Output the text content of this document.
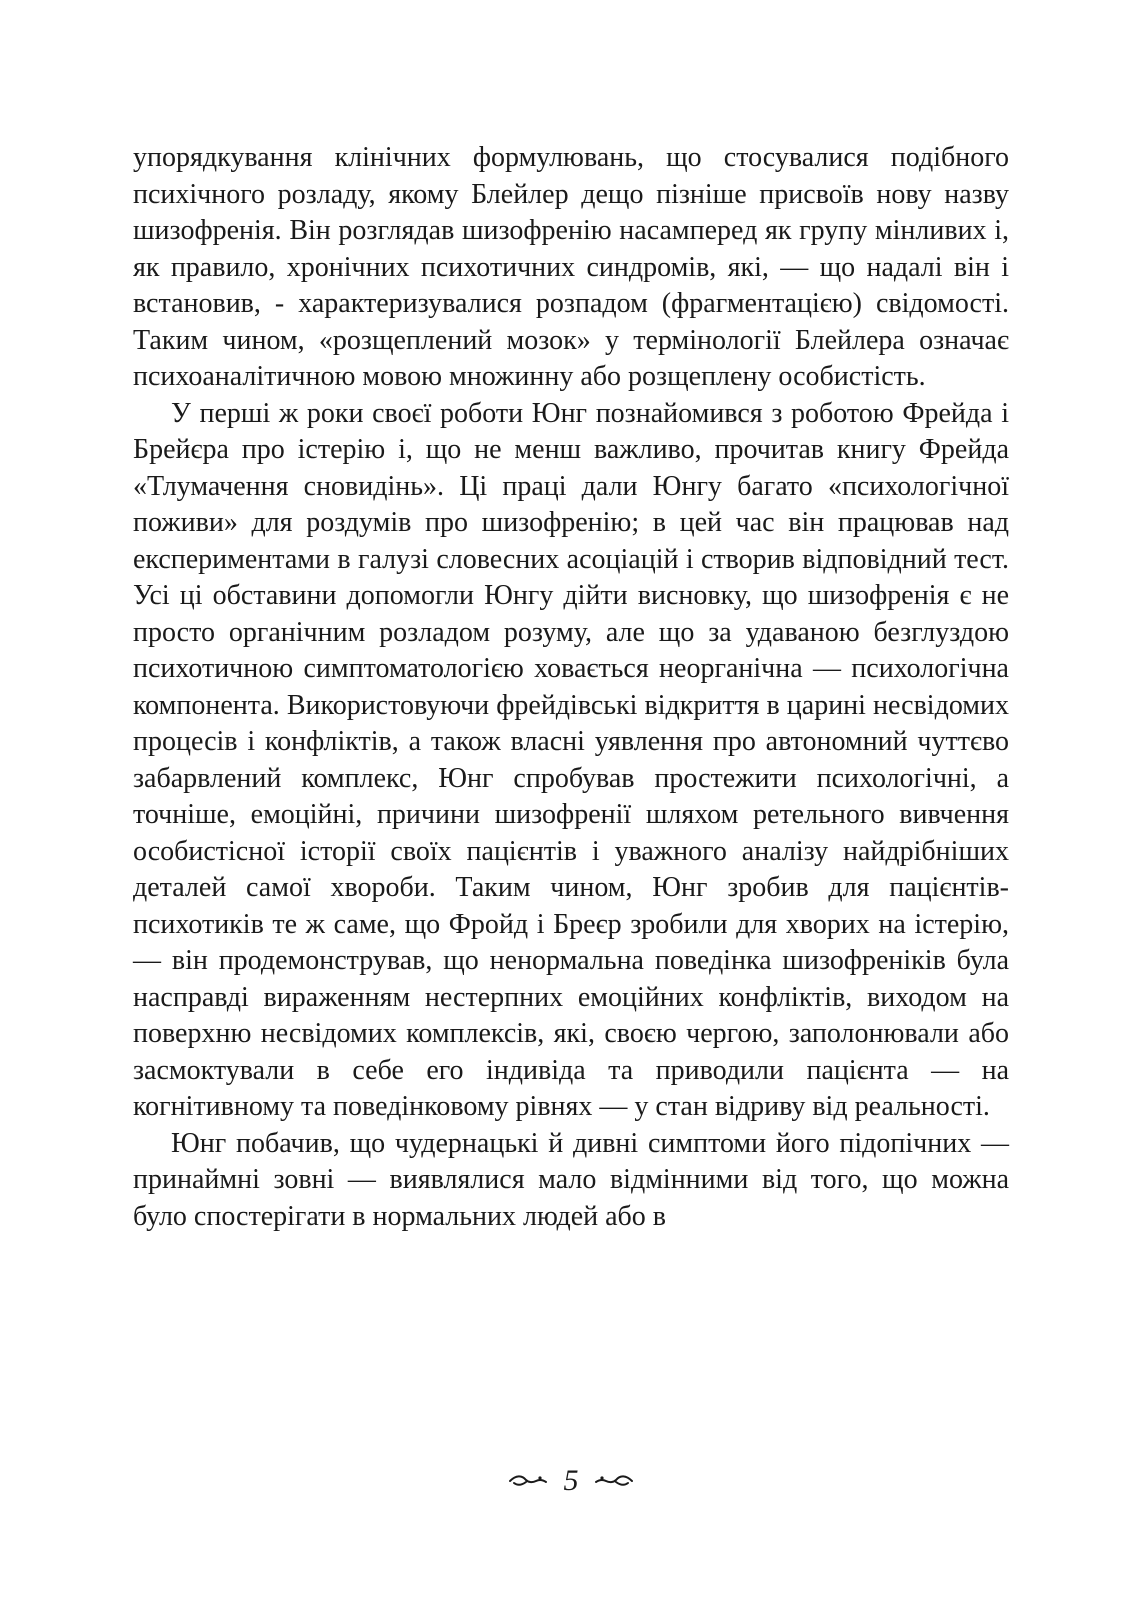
упорядкування клінічних формулювань, що стосувалися подібного психічного розладу, якому Блейлер дещо пізніше присвоїв нову назву шизофренія. Він розглядав шизофренію насамперед як групу мінливих і, як правило, хронічних психотичних синдромів, які, — що надалі він і встановив, - характеризувалися розпадом (фрагментацією) свідомості. Таким чином, «розщеплений мозок» у термінології Блейлера означає психоаналітичною мовою множинну або розщеплену особистість.

У перші ж роки своєї роботи Юнг познайомився з роботою Фрейда і Брейєра про істерію і, що не менш важливо, прочитав книгу Фрейда «Тлумачення сновидінь». Ці праці дали Юнгу багато «психологічної поживи» для роздумів про шизофренію; в цей час він працював над експериментами в галузі словесних асоціацій і створив відповідний тест. Усі ці обставини допомогли Юнгу дійти висновку, що шизофренія є не просто органічним розладом розуму, але що за удаваною безглуздою психотичною симптоматологією ховається неорганічна — психологічна компонента. Використовуючи фрейдівські відкриття в царині несвідомих процесів і конфліктів, а також власні уявлення про автономний чуттєво забарвлений комплекс, Юнг спробував простежити психологічні, а точніше, емоційні, причини шизофренії шляхом ретельного вивчення особистісної історії своїх пацієнтів і уважного аналізу найдрібніших деталей самої хвороби. Таким чином, Юнг зробив для пацієнтів-психотиків те ж саме, що Фройд і Бреєр зробили для хворих на істерію, — він продемонстрував, що ненормальна поведінка шизофреніків була насправді вираженням нестерпних емоційних конфліктів, виходом на поверхню несвідомих комплексів, які, своєю чергою, заполонювали або засмоктували в себе его індивіда та приводили пацієнта — на когнітивному та поведінковому рівнях — у стан відриву від реальності.

Юнг побачив, що чудернацькі й дивні симптоми його підопічних — принаймні зовні — виявлялися мало відмінними від того, що можна було спостерігати в нормальних людей або в

5
